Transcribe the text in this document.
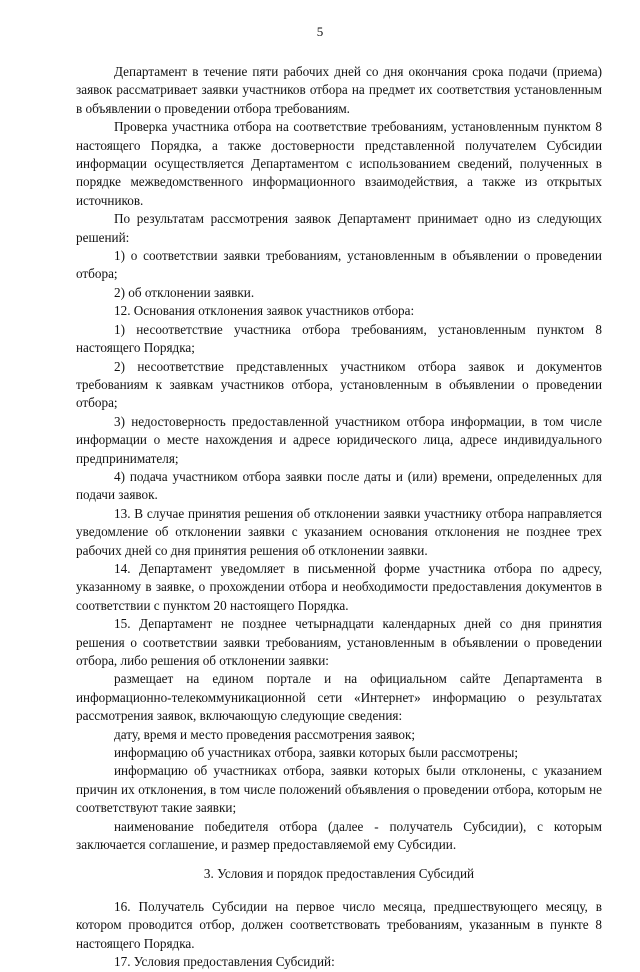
5

Департамент в течение пяти рабочих дней со дня окончания срока подачи (приема) заявок рассматривает заявки участников отбора на предмет их соответствия установленным в объявлении о проведении отбора требованиям.

Проверка участника отбора на соответствие требованиям, установленным пунктом 8 настоящего Порядка, а также достоверности представленной получателем Субсидии информации осуществляется Департаментом с использованием сведений, полученных в порядке межведомственного информационного взаимодействия, а также из открытых источников.

По результатам рассмотрения заявок Департамент принимает одно из следующих решений:

1) о соответствии заявки требованиям, установленным в объявлении о проведении отбора;

2) об отклонении заявки.

12. Основания отклонения заявок участников отбора:

1) несоответствие участника отбора требованиям, установленным пунктом 8 настоящего Порядка;

2) несоответствие представленных участником отбора заявок и документов требованиям к заявкам участников отбора, установленным в объявлении о проведении отбора;

3) недостоверность предоставленной участником отбора информации, в том числе информации о месте нахождения и адресе юридического лица, адресе индивидуального предпринимателя;

4) подача участником отбора заявки после даты и (или) времени, определенных для подачи заявок.

13. В случае принятия решения об отклонении заявки участнику отбора направляется уведомление об отклонении заявки с указанием основания отклонения не позднее трех рабочих дней со дня принятия решения об отклонении заявки.

14. Департамент уведомляет в письменной форме участника отбора по адресу, указанному в заявке, о прохождении отбора и необходимости предоставления документов в соответствии с пунктом 20 настоящего Порядка.

15. Департамент не позднее четырнадцати календарных дней со дня принятия решения о соответствии заявки требованиям, установленным в объявлении о проведении отбора, либо решения об отклонении заявки:

размещает на едином портале и на официальном сайте Департамента в информационно-телекоммуникационной сети «Интернет» информацию о результатах рассмотрения заявок, включающую следующие сведения:

дату, время и место проведения рассмотрения заявок;

информацию об участниках отбора, заявки которых были рассмотрены;

информацию об участниках отбора, заявки которых были отклонены, с указанием причин их отклонения, в том числе положений объявления о проведении отбора, которым не соответствуют такие заявки;

наименование победителя отбора (далее - получатель Субсидии), с которым заключается соглашение, и размер предоставляемой ему Субсидии.

3. Условия и порядок предоставления Субсидий

16. Получатель Субсидии на первое число месяца, предшествующего месяцу, в котором проводится отбор, должен соответствовать требованиям, указанным в пункте 8 настоящего Порядка.

17. Условия предоставления Субсидий:
